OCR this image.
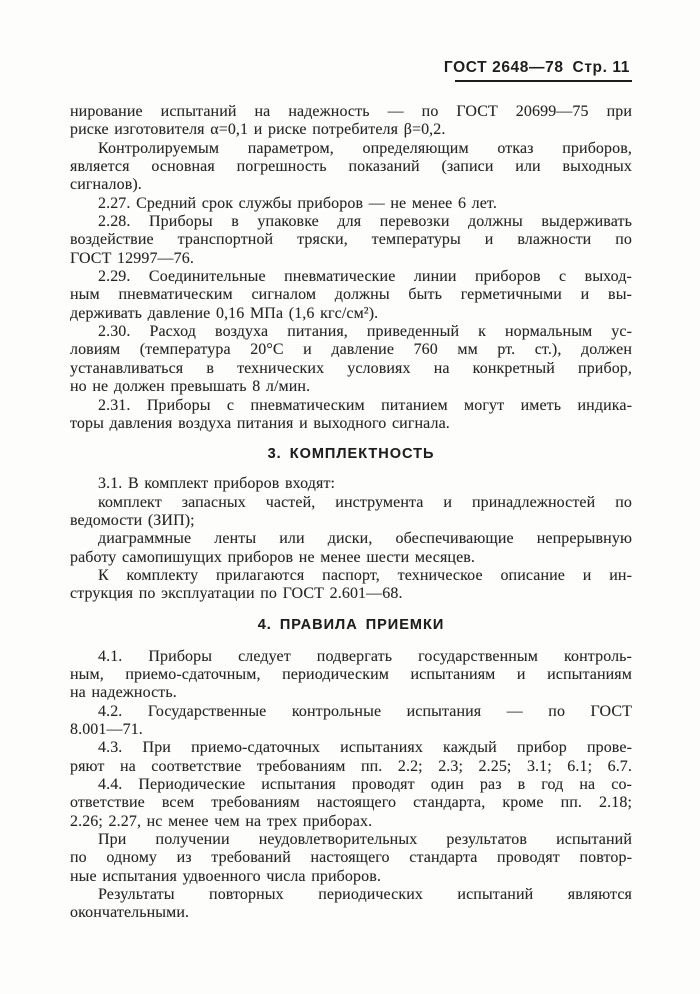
ГОСТ 2648—78 Стр. 11
нирование испытаний на надежность — по ГОСТ 20699—75 при
риске изготовителя α=0,1 и риске потребителя β=0,2.
Контролируемым параметром, определяющим отказ приборов,
является основная погрешность показаний (записи или выходных
сигналов).
2.27. Средний срок службы приборов — не менее 6 лет.
2.28. Приборы в упаковке для перевозки должны выдерживать
воздействие транспортной тряски, температуры и влажности по
ГОСТ 12997—76.
2.29. Соединительные пневматические линии приборов с выход-
ным пневматическим сигналом должны быть герметичными и вы-
держивать давление 0,16 МПа (1,6 кгс/см²).
2.30. Расход воздуха питания, приведенный к нормальным ус-
ловиям (температура 20°С и давление 760 мм рт. ст.), должен
устанавливаться в технических условиях на конкретный прибор,
но не должен превышать 8 л/мин.
2.31. Приборы с пневматическим питанием могут иметь индика-
торы давления воздуха питания и выходного сигнала.
3. КОМПЛЕКТНОСТЬ
3.1. В комплект приборов входят:
комплект запасных частей, инструмента и принадлежностей по
ведомости (ЗИП);
диаграммные ленты или диски, обеспечивающие непрерывную
работу самопишущих приборов не менее шести месяцев.
К комплекту прилагаются паспорт, техническое описание и ин-
струкция по эксплуатации по ГОСТ 2.601—68.
4. ПРАВИЛА ПРИЕМКИ
4.1. Приборы следует подвергать государственным контроль-
ным, приемо-сдаточным, периодическим испытаниям и испытаниям
на надежность.
4.2. Государственные контрольные испытания — по ГОСТ
8.001—71.
4.3. При приемо-сдаточных испытаниях каждый прибор прове-
ряют на соответствие требованиям пп. 2.2; 2.3; 2.25; 3.1; 6.1; 6.7.
4.4. Периодические испытания проводят один раз в год на со-
ответствие всем требованиям настоящего стандарта, кроме пп. 2.18;
2.26; 2.27, нс менее чем на трех приборах.
При получении неудовлетворительных результатов испытаний
по одному из требований настоящего стандарта проводят повтор-
ные испытания удвоенного числа приборов.
Результаты повторных периодических испытаний являются
окончательными.
